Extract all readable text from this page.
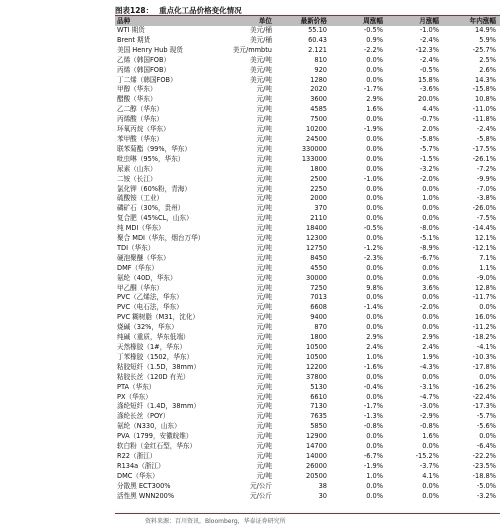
图表128： 重点化工品价格变化情况
品种	单位	最新价格	周涨幅	月涨幅	年内涨幅
WTI 期货	美元/桶	55.10	-0.5%	-1.0%	14.9%
Brent 期货	美元/桶	60.43	0.9%	-2.4%	5.9%
美国 Henry Hub 现货	美元/mmbtu	2.121	-2.2%	-12.3%	-25.7%
乙烯（韩国FOB）	美元/吨	810	0.0%	-2.4%	2.5%
丙烯（韩国FOB）	美元/吨	920	0.0%	-0.5%	2.6%
丁二烯（韩国FOB）	美元/吨	1280	0.0%	15.8%	14.3%
甲醇（华东）	元/吨	2020	-1.7%	-3.6%	-15.8%
醋酸（华东）	元/吨	3600	2.9%	20.0%	10.8%
乙二醇（华东）	元/吨	4585	1.6%	4.4%	-11.0%
丙烯酸（华东）	元/吨	7500	0.0%	-0.7%	-11.8%
环氧丙烷（华东）	元/吨	10200	-1.9%	2.0%	-2.4%
苯甲酸（华东）	元/吨	24500	0.0%	-5.8%	-5.8%
联苯菊酯（99%，华东）	元/吨	330000	0.0%	-5.7%	-17.5%
吡虫啉（95%，华东）	元/吨	133000	0.0%	-1.5%	-26.1%
尿素（山东）	元/吨	1800	0.0%	-3.2%	-7.2%
二铵（长江）	元/吨	2500	-1.0%	-2.0%	-9.9%
氯化钾（60%粉，青海）	元/吨	2250	0.0%	0.0%	-7.0%
硫酸铵（工业）	元/吨	2000	0.0%	1.0%	-3.8%
磷矿石（30%，贵州）	元/吨	370	0.0%	0.0%	-26.0%
复合肥（45%CL，山东）	元/吨	2110	0.0%	0.0%	-7.5%
纯 MDI（华东）	元/吨	18400	-0.5%	-8.0%	-14.4%
聚合 MDI（华东，烟台万华）	元/吨	12300	0.0%	-5.1%	12.1%
TDI（华东）	元/吨	12750	-1.2%	-8.9%	-12.1%
硬泡聚醚（华东）	元/吨	8450	-2.3%	-6.7%	7.1%
DMF（华东）	元/吨	4550	0.0%	0.0%	1.1%
氨纶（40D，华东）	元/吨	30000	0.0%	0.0%	-9.0%
甲乙酮（华东）	元/吨	7250	9.8%	3.6%	12.8%
PVC（乙烯法，华东）	元/吨	7013	0.0%	0.0%	-11.7%
PVC（电石法，华东）	元/吨	6608	-1.4%	-2.0%	0.0%
PVC 糊树脂（M31，沈化）	元/吨	9400	0.0%	0.0%	16.0%
烧碱（32%，华东）	元/吨	870	0.0%	0.0%	-11.2%
纯碱（重质，华东低端）	元/吨	1800	2.9%	2.9%	-18.2%
天然橡胶（1#，华东）	元/吨	10500	2.4%	2.4%	-4.1%
丁苯橡胶（1502，华东）	元/吨	10500	1.0%	1.9%	-10.3%
粘胶短纤（1.5D，38mm）	元/吨	12200	-1.6%	-4.3%	-17.8%
粘胶长丝（120D 有光）	元/吨	37800	0.0%	0.0%	0.0%
PTA（华东）	元/吨	5130	-0.4%	-3.1%	-16.2%
PX（华东）	元/吨	6610	0.0%	-4.7%	-22.4%
涤纶短纤（1.4D，38mm）	元/吨	7130	-1.7%	-3.0%	-17.3%
涤纶长丝（POY）	元/吨	7635	-1.3%	-2.9%	-5.7%
氨纶（N330，山东）	元/吨	5850	-0.8%	-0.8%	-5.6%
PVA（1799，安徽皖维）	元/吨	12900	0.0%	1.6%	0.0%
软白粉（金红石型，华东）	元/吨	14700	0.0%	0.0%	-6.4%
R22（浙江）	元/吨	14000	-6.7%	-15.2%	-22.2%
R134a（浙江）	元/吨	26000	-1.9%	-3.7%	-23.5%
DMC（华东）	元/吨	20500	1.0%	4.1%	-18.8%
分散黑 ECT300%	元/公斤	38	0.0%	0.0%	-5.0%
活性黑 WNN200%	元/公斤	30	0.0%	0.0%	-3.2%
资料来源：百川资讯，Bloomberg，华泰证券研究所
